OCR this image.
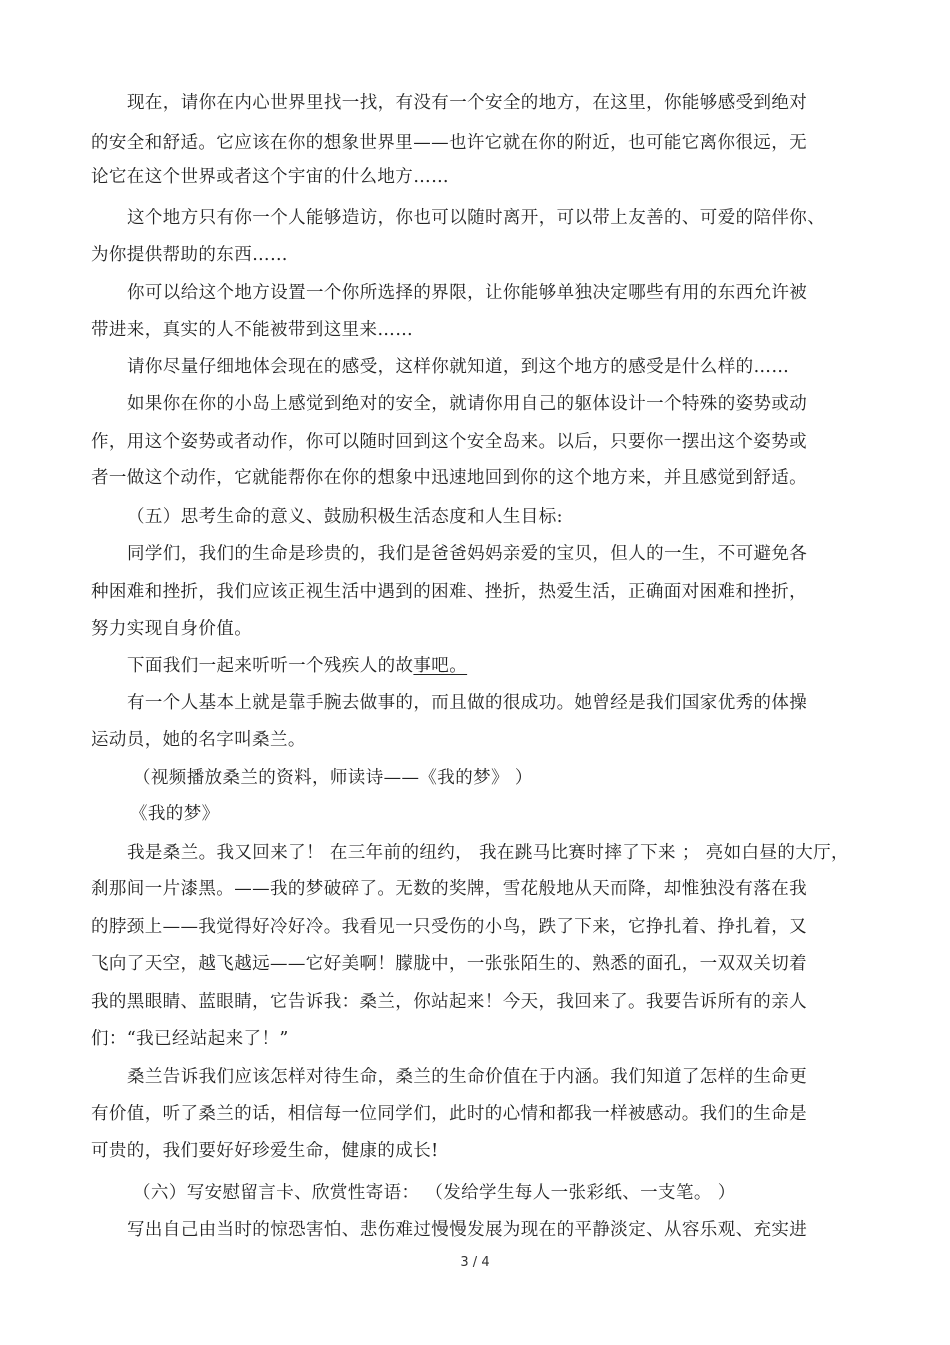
现在，请你在内心世界里找一找，有没有一个安全的地方，在这里，你能够感受到绝对
的安全和舒适。它应该在你的想象世界里——也许它就在你的附近，也可能它离你很远，无
论它在这个世界或者这个宇宙的什么地方……
这个地方只有你一个人能够造访，你也可以随时离开，可以带上友善的、可爱的陪伴你、
为你提供帮助的东西……
你可以给这个地方设置一个你所选择的界限，让你能够单独决定哪些有用的东西允许被
带进来，真实的人不能被带到这里来……
请你尽量仔细地体会现在的感受，这样你就知道，到这个地方的感受是什么样的……
如果你在你的小岛上感觉到绝对的安全，就请你用自己的躯体设计一个特殊的姿势或动
作，用这个姿势或者动作，你可以随时回到这个安全岛来。以后，只要你一摆出这个姿势或
者一做这个动作，它就能帮你在你的想象中迅速地回到你的这个地方来，并且感觉到舒适。
（五）思考生命的意义、鼓励积极生活态度和人生目标:
同学们，我们的生命是珍贵的，我们是爸爸妈妈亲爱的宝贝，但人的一生，不可避免各
种困难和挫折，我们应该正视生活中遇到的困难、挫折，热爱生活，正确面对困难和挫折，
努力实现自身价值。
下面我们一起来听听一个残疾人的故事吧。
有一个人基本上就是靠手腕去做事的，而且做的很成功。她曾经是我们国家优秀的体操
运动员，她的名字叫桑兰。
（视频播放桑兰的资料，师读诗——《我的梦》 ）
《我的梦》
我是桑兰。我又回来了！ 在三年前的纽约， 我在跳马比赛时摔了下来 ； 亮如白昼的大厅，
刹那间一片漆黑。——我的梦破碎了。无数的奖牌，雪花般地从天而降，却惟独没有落在我
的脖颈上——我觉得好冷好冷。我看见一只受伤的小鸟，跌了下来，它挣扎着、挣扎着，又
飞向了天空，越飞越远——它好美啊！朦胧中，一张张陌生的、熟悉的面孔，一双双关切着
我的黑眼睛、蓝眼睛，它告诉我：桑兰，你站起来！今天，我回来了。我要告诉所有的亲人
们：“我已经站起来了！”
桑兰告诉我们应该怎样对待生命，桑兰的生命价值在于内涵。我们知道了怎样的生命更
有价值，听了桑兰的话，相信每一位同学们，此时的心情和都我一样被感动。我们的生命是
可贵的，我们要好好珍爱生命，健康的成长!
（六）写安慰留言卡、欣赏性寄语： （发给学生每人一张彩纸、一支笔。 ）
写出自己由当时的惊恐害怕、悲伤难过慢慢发展为现在的平静淡定、从容乐观、充实进
3 / 4
